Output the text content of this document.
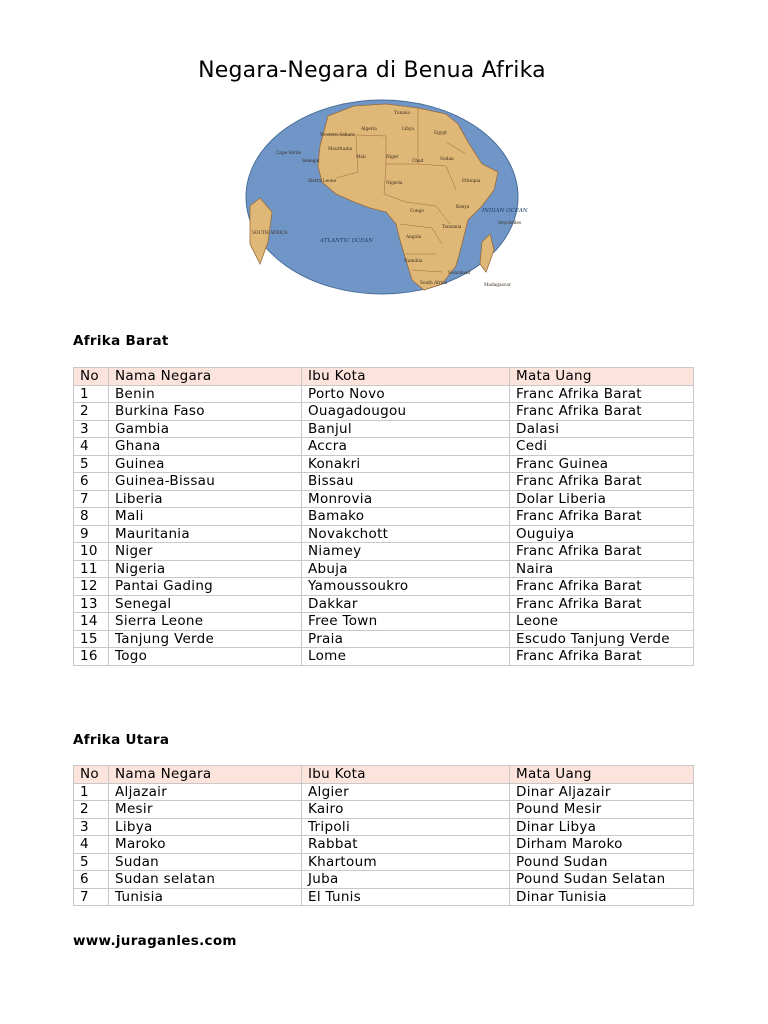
Negara-Negara di Benua Afrika
Tunisia
Algeria	Libya
Egypt
Western Sahara
Mauritania
Mali	Niger
Chad	Sudan
Cape Verde
Senegal
Sierra Leone	Nigeria	Ethiopia
Kenya
Congo
Tanzania
Angola
Namibia
South Africa
Swaziland
Madagascar
Seychelles
SOUTH AFRICA
ATLANTIC OCEAN
INDIAN OCEAN
Afrika Barat
No	Nama Negara	Ibu Kota	Mata Uang
1	Benin	Porto Novo	Franc Afrika Barat
2	Burkina Faso	Ouagadougou	Franc Afrika Barat
3	Gambia	Banjul	Dalasi
4	Ghana	Accra	Cedi
5	Guinea	Konakri	Franc Guinea
6	Guinea-Bissau	Bissau	Franc Afrika Barat
7	Liberia	Monrovia	Dolar Liberia
8	Mali	Bamako	Franc Afrika Barat
9	Mauritania	Novakchott	Ouguiya
10	Niger	Niamey	Franc Afrika Barat
11	Nigeria	Abuja	Naira
12	Pantai Gading	Yamoussoukro	Franc Afrika Barat
13	Senegal	Dakkar	Franc Afrika Barat
14	Sierra Leone	Free Town	Leone
15	Tanjung Verde	Praia	Escudo Tanjung Verde
16	Togo	Lome	Franc Afrika Barat
Afrika Utara
No	Nama Negara	Ibu Kota	Mata Uang
1	Aljazair	Algier	Dinar Aljazair
2	Mesir	Kairo	Pound Mesir
3	Libya	Tripoli	Dinar Libya
4	Maroko	Rabbat	Dirham Maroko
5	Sudan	Khartoum	Pound Sudan
6	Sudan selatan	Juba	Pound Sudan Selatan
7	Tunisia	El Tunis	Dinar Tunisia
www.juraganles.com
